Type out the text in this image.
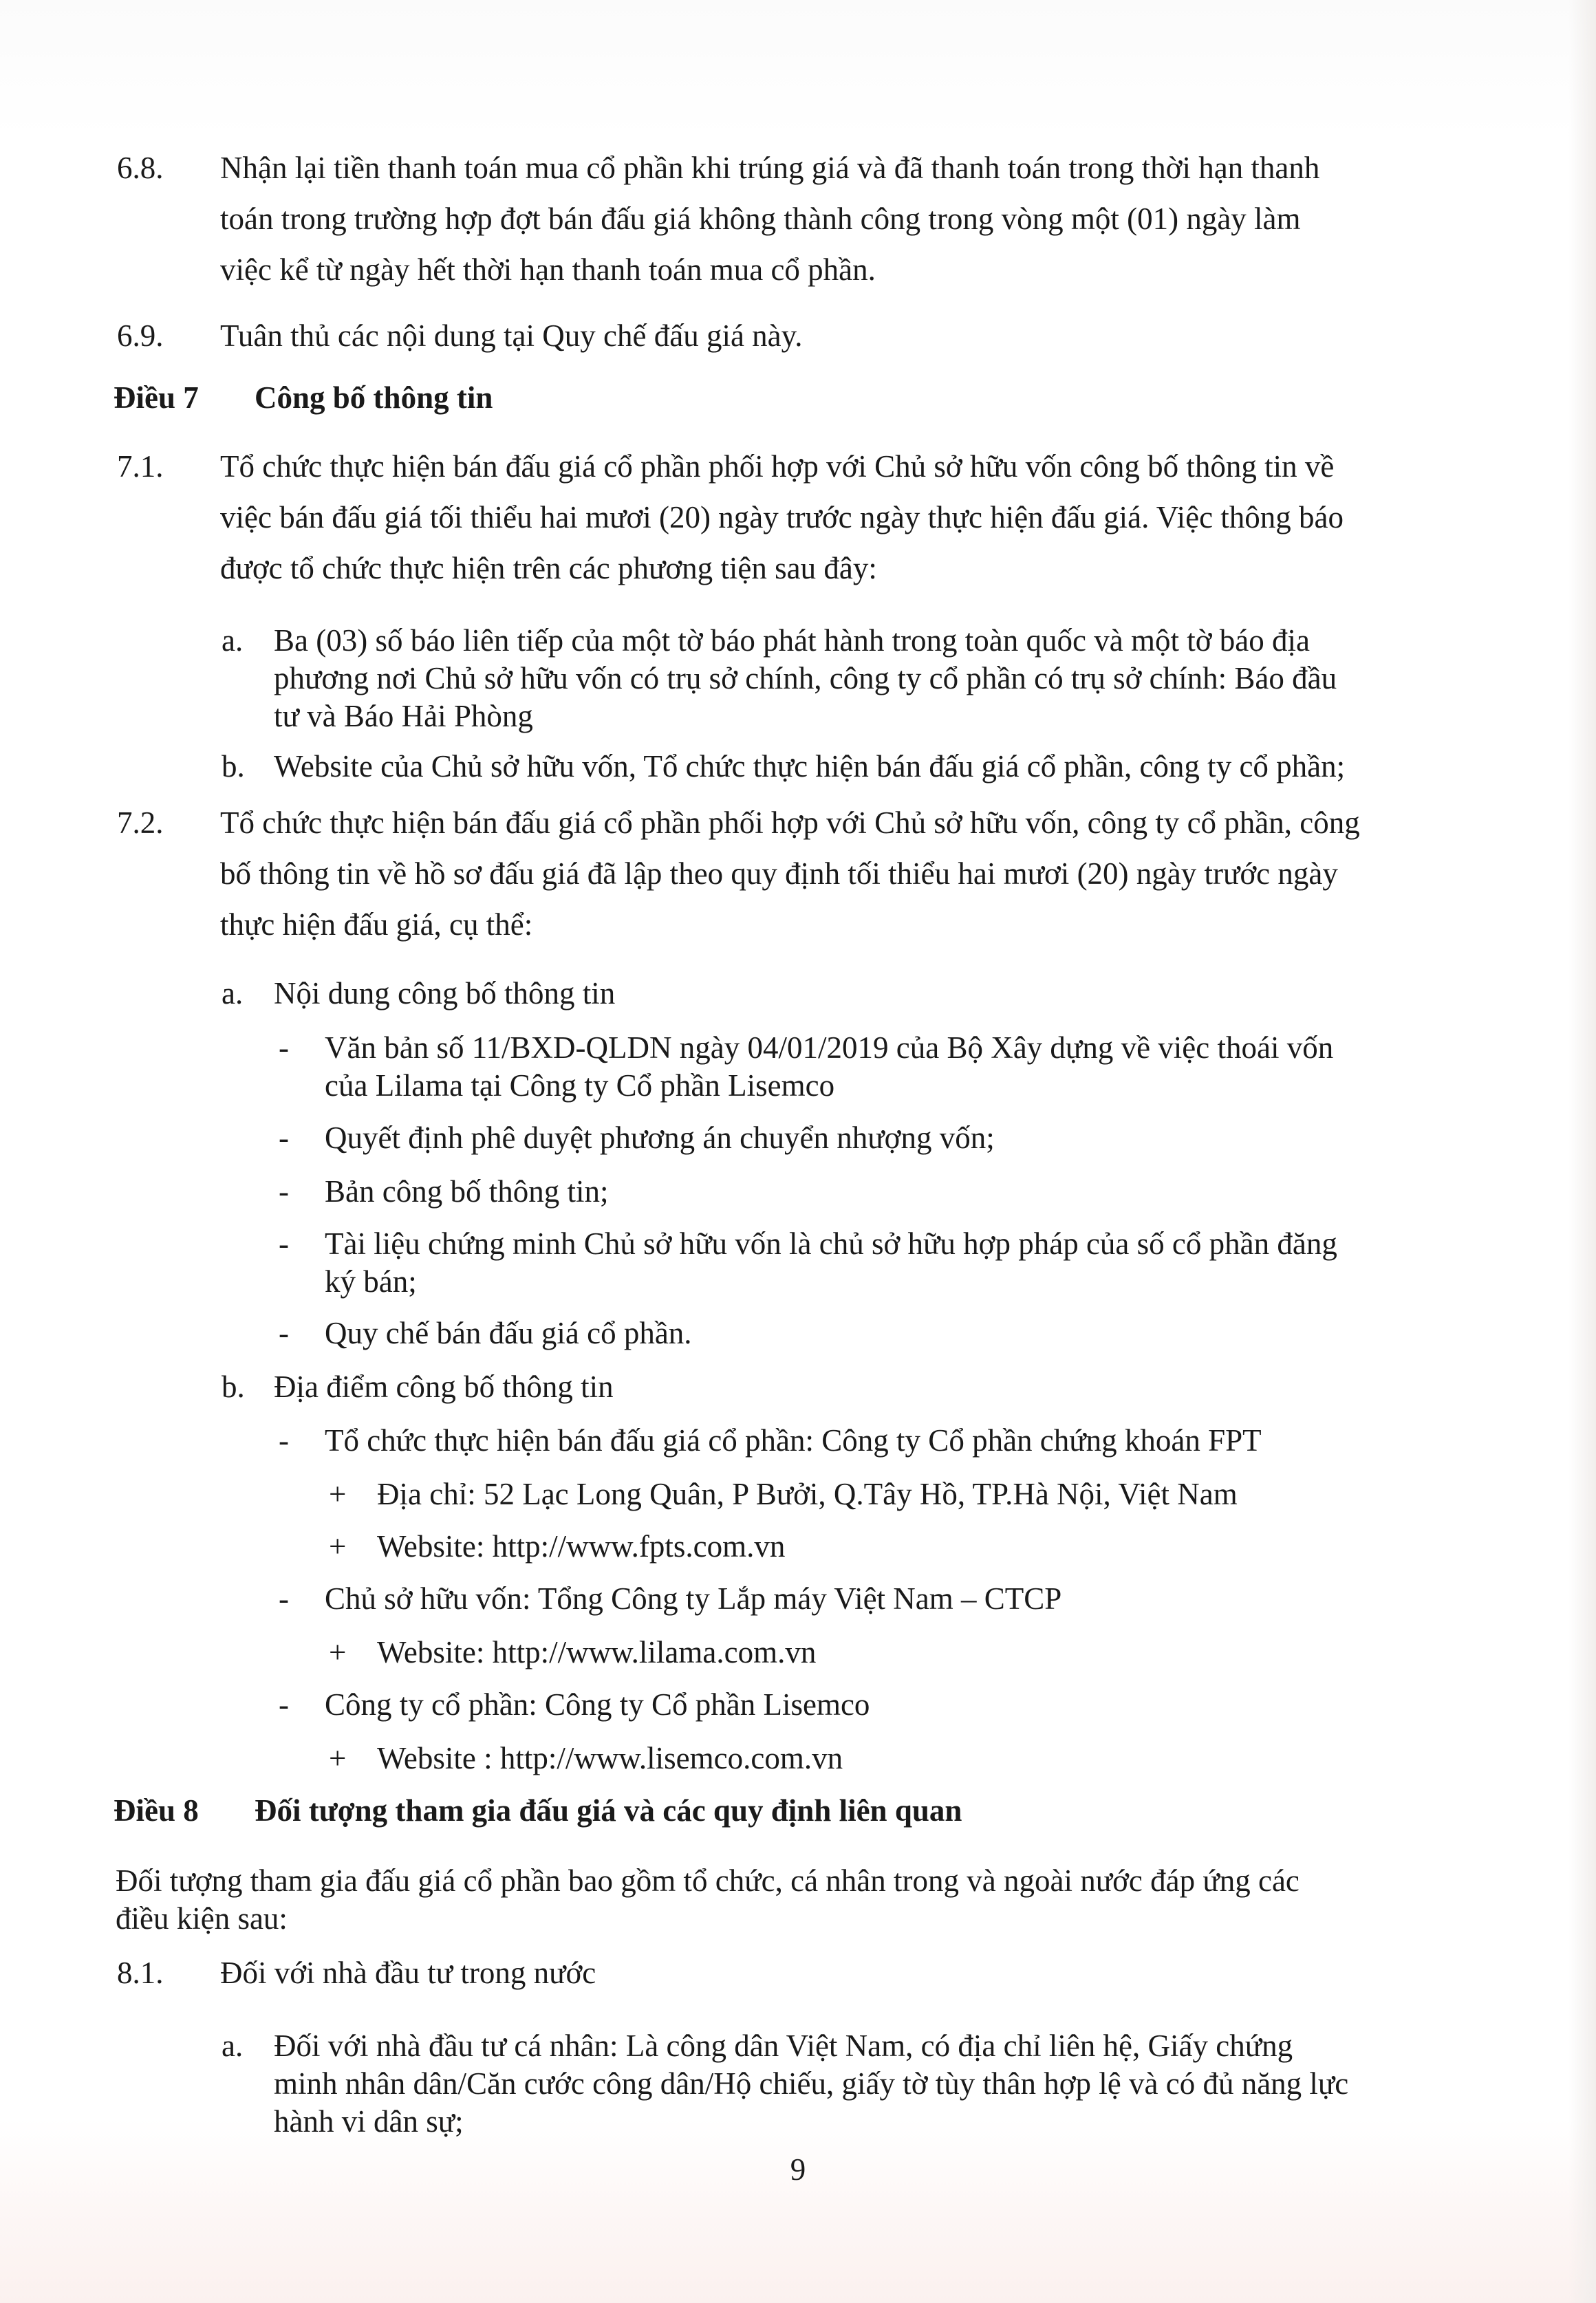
6.8. Nhận lại tiền thanh toán mua cổ phần khi trúng giá và đã thanh toán trong thời hạn thanh
toán trong trường hợp đợt bán đấu giá không thành công trong vòng một (01) ngày làm
việc kể từ ngày hết thời hạn thanh toán mua cổ phần.
6.9. Tuân thủ các nội dung tại Quy chế đấu giá này.
Điều 7 Công bố thông tin
7.1. Tổ chức thực hiện bán đấu giá cổ phần phối hợp với Chủ sở hữu vốn công bố thông tin về
việc bán đấu giá tối thiểu hai mươi (20) ngày trước ngày thực hiện đấu giá. Việc thông báo
được tổ chức thực hiện trên các phương tiện sau đây:
a. Ba (03) số báo liên tiếp của một tờ báo phát hành trong toàn quốc và một tờ báo địa
phương nơi Chủ sở hữu vốn có trụ sở chính, công ty cổ phần có trụ sở chính: Báo đầu
tư và Báo Hải Phòng
b. Website của Chủ sở hữu vốn, Tổ chức thực hiện bán đấu giá cổ phần, công ty cổ phần;
7.2. Tổ chức thực hiện bán đấu giá cổ phần phối hợp với Chủ sở hữu vốn, công ty cổ phần, công
bố thông tin về hồ sơ đấu giá đã lập theo quy định tối thiểu hai mươi (20) ngày trước ngày
thực hiện đấu giá, cụ thể:
a. Nội dung công bố thông tin
- Văn bản số 11/BXD-QLDN ngày 04/01/2019 của Bộ Xây dựng về việc thoái vốn
của Lilama tại Công ty Cổ phần Lisemco
- Quyết định phê duyệt phương án chuyển nhượng vốn;
- Bản công bố thông tin;
- Tài liệu chứng minh Chủ sở hữu vốn là chủ sở hữu hợp pháp của số cổ phần đăng
ký bán;
- Quy chế bán đấu giá cổ phần.
b. Địa điểm công bố thông tin
- Tổ chức thực hiện bán đấu giá cổ phần: Công ty Cổ phần chứng khoán FPT
+ Địa chỉ: 52 Lạc Long Quân, P Bưởi, Q.Tây Hồ, TP.Hà Nội, Việt Nam
+ Website: http://www.fpts.com.vn
- Chủ sở hữu vốn: Tổng Công ty Lắp máy Việt Nam – CTCP
+ Website: http://www.lilama.com.vn
- Công ty cổ phần: Công ty Cổ phần Lisemco
+ Website : http://www.lisemco.com.vn
Điều 8 Đối tượng tham gia đấu giá và các quy định liên quan
Đối tượng tham gia đấu giá cổ phần bao gồm tổ chức, cá nhân trong và ngoài nước đáp ứng các
điều kiện sau:
8.1. Đối với nhà đầu tư trong nước
a. Đối với nhà đầu tư cá nhân: Là công dân Việt Nam, có địa chỉ liên hệ, Giấy chứng
minh nhân dân/Căn cước công dân/Hộ chiếu, giấy tờ tùy thân hợp lệ và có đủ năng lực
hành vi dân sự;
9
